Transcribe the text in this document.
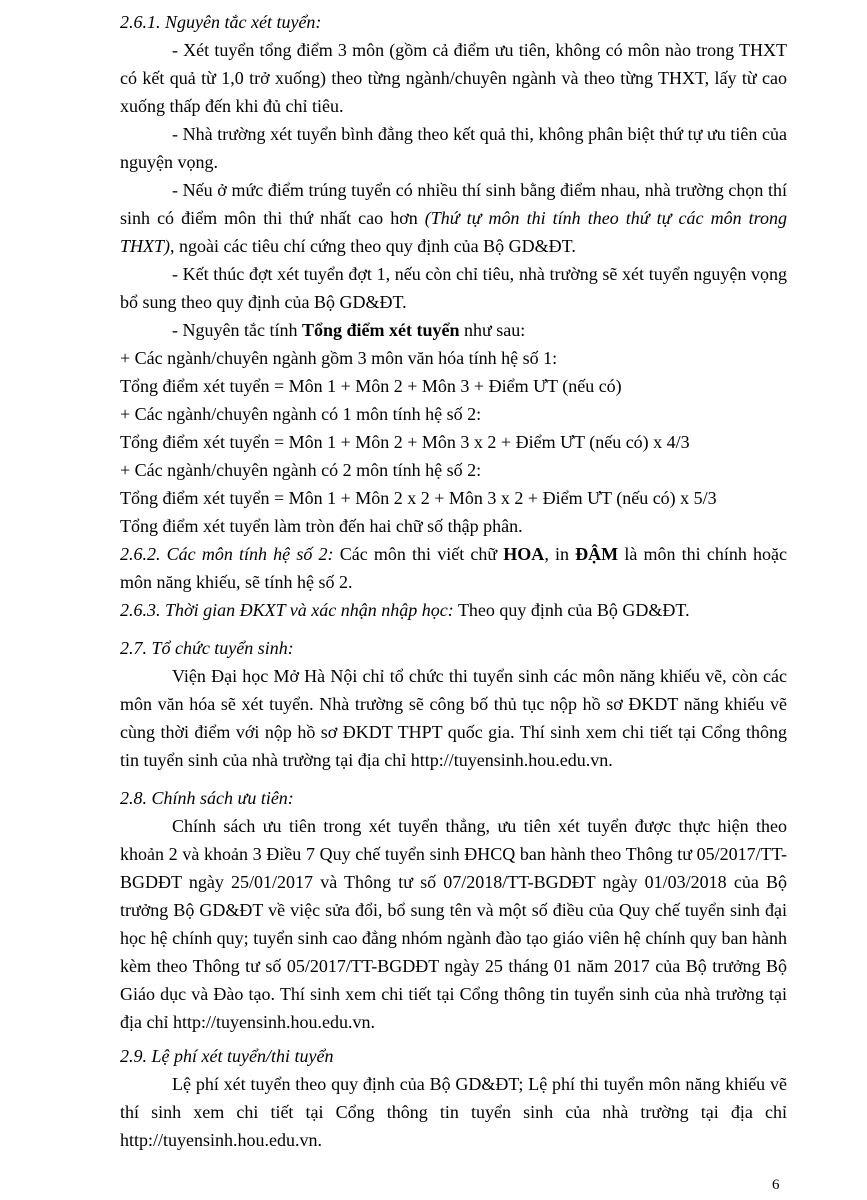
2.6.1. Nguyên tắc xét tuyển:

- Xét tuyển tổng điểm 3 môn (gồm cả điểm ưu tiên, không có môn nào trong THXT có kết quả từ 1,0 trở xuống) theo từng ngành/chuyên ngành và theo từng THXT, lấy từ cao xuống thấp đến khi đủ chỉ tiêu.

- Nhà trường xét tuyển bình đẳng theo kết quả thi, không phân biệt thứ tự ưu tiên của nguyện vọng.

- Nếu ở mức điểm trúng tuyển có nhiều thí sinh bằng điểm nhau, nhà trường chọn thí sinh có điểm môn thi thứ nhất cao hơn (Thứ tự môn thi tính theo thứ tự các môn trong THXT), ngoài các tiêu chí cứng theo quy định của Bộ GD&ĐT.

- Kết thúc đợt xét tuyển đợt 1, nếu còn chỉ tiêu, nhà trường sẽ xét tuyển nguyện vọng bổ sung theo quy định của Bộ GD&ĐT.

- Nguyên tắc tính Tổng điểm xét tuyển như sau:

+ Các ngành/chuyên ngành gồm 3 môn văn hóa tính hệ số 1:

Tổng điểm xét tuyển = Môn 1 + Môn 2 + Môn 3 + Điểm ƯT (nếu có)

+ Các ngành/chuyên ngành có 1 môn tính hệ số 2:

Tổng điểm xét tuyển = Môn 1 + Môn 2 + Môn 3 x 2 + Điểm ƯT (nếu có) x 4/3

+ Các ngành/chuyên ngành có 2 môn tính hệ số 2:

Tổng điểm xét tuyển = Môn 1 + Môn 2 x 2 + Môn 3 x 2 + Điểm ƯT (nếu có) x 5/3

Tổng điểm xét tuyển làm tròn đến hai chữ số thập phân.

2.6.2. Các môn tính hệ số 2: Các môn thi viết chữ HOA, in ĐẬM là môn thi chính hoặc môn năng khiếu, sẽ tính hệ số 2.

2.6.3. Thời gian ĐKXT và xác nhận nhập học: Theo quy định của Bộ GD&ĐT.

2.7. Tổ chức tuyển sinh:

Viện Đại học Mở Hà Nội chỉ tổ chức thi tuyển sinh các môn năng khiếu vẽ, còn các môn văn hóa sẽ xét tuyển. Nhà trường sẽ công bố thủ tục nộp hồ sơ ĐKDT năng khiếu vẽ cùng thời điểm với nộp hồ sơ ĐKDT THPT quốc gia. Thí sinh xem chi tiết tại Cổng thông tin tuyển sinh của nhà trường tại địa chỉ http://tuyensinh.hou.edu.vn.

2.8. Chính sách ưu tiên:

Chính sách ưu tiên trong xét tuyển thẳng, ưu tiên xét tuyển được thực hiện theo khoản 2 và khoản 3 Điều 7 Quy chế tuyển sinh ĐHCQ ban hành theo Thông tư 05/2017/TT-BGDĐT ngày 25/01/2017 và Thông tư số 07/2018/TT-BGDĐT ngày 01/03/2018 của Bộ trưởng Bộ GD&ĐT về việc sửa đổi, bổ sung tên và một số điều của Quy chế tuyển sinh đại học hệ chính quy; tuyển sinh cao đẳng nhóm ngành đào tạo giáo viên hệ chính quy ban hành kèm theo Thông tư số 05/2017/TT-BGDĐT ngày 25 tháng 01 năm 2017 của Bộ trưởng Bộ Giáo dục và Đào tạo. Thí sinh xem chi tiết tại Cổng thông tin tuyển sinh của nhà trường tại địa chỉ http://tuyensinh.hou.edu.vn.

2.9. Lệ phí xét tuyển/thi tuyển

Lệ phí xét tuyển theo quy định của Bộ GD&ĐT; Lệ phí thi tuyển môn năng khiếu vẽ thí sinh xem chi tiết tại Cổng thông tin tuyển sinh của nhà trường tại địa chỉ http://tuyensinh.hou.edu.vn.

6
